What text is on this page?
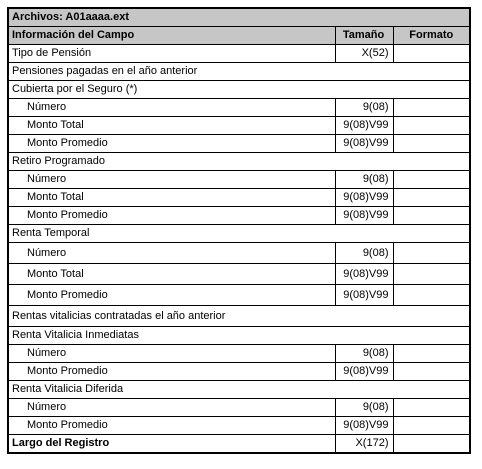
Archivos: A01aaaa.ext		
Información del Campo	Tamaño	Formato
Tipo de Pensión	X(52)	
Pensiones pagadas en el año anterior		
Cubierta por el Seguro (*)		
Número	9(08)	
Monto Total	9(08)V99	
Monto Promedio	9(08)V99	
Retiro Programado		
Número	9(08)	
Monto Total	9(08)V99	
Monto Promedio	9(08)V99	
Renta Temporal		
Número	9(08)	
Monto Total	9(08)V99	
Monto Promedio	9(08)V99	
Rentas vitalicias contratadas el año anterior		
Renta Vitalicia Inmediatas		
Número	9(08)	
Monto Promedio	9(08)V99	
Renta Vitalicia Diferida		
Número	9(08)	
Monto Promedio	9(08)V99	
Largo del Registro	X(172)	
